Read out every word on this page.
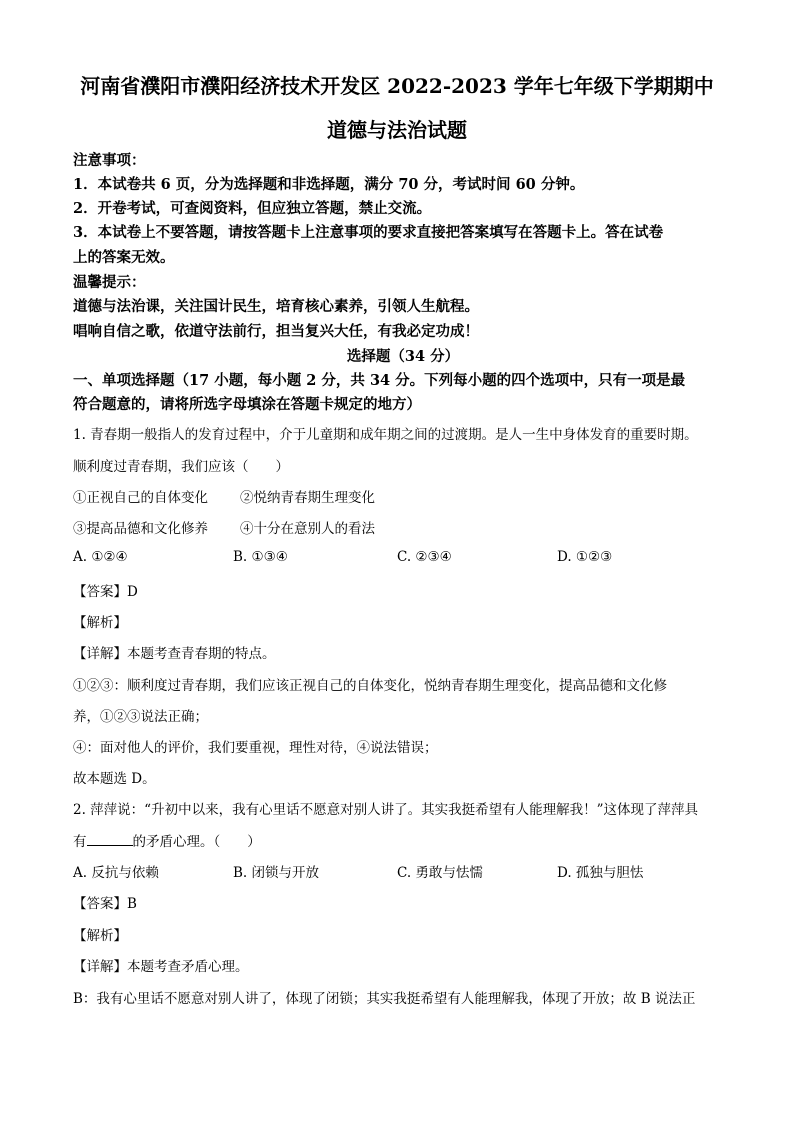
河南省濮阳市濮阳经济技术开发区 2022-2023 学年七年级下学期期中
道德与法治试题
注意事项：
1．本试卷共 6 页，分为选择题和非选择题，满分 70 分，考试时间 60 分钟。
2．开卷考试，可查阅资料，但应独立答题，禁止交流。
3．本试卷上不要答题，请按答题卡上注意事项的要求直接把答案填写在答题卡上。答在试卷
上的答案无效。
温馨提示：
道德与法治课，关注国计民生，培育核心素养，引领人生航程。
唱响自信之歌，依道守法前行，担当复兴大任，有我必定功成！
选择题（34 分）
一、单项选择题（17 小题，每小题 2 分，共 34 分。下列每小题的四个选项中，只有一项是最
符合题意的，请将所选字母填涂在答题卡规定的地方）
1. 青春期一般指人的发育过程中，介于儿童期和成年期之间的过渡期。是人一生中身体发育的重要时期。
顺利度过青春期，我们应该（　　）
①正视自己的自体变化 ②悦纳青春期生理变化
③提高品德和文化修养 ④十分在意别人的看法
A. ①②④	B. ①③④	C. ②③④	D. ①②③
【答案】D
【解析】
【详解】本题考查青春期的特点。
①②③：顺利度过青春期，我们应该正视自己的自体变化，悦纳青春期生理变化，提高品德和文化修
养，①②③说法正确；
④：面对他人的评价，我们要重视，理性对待，④说法错误；
故本题选 D。
2. 萍萍说：“升初中以来，我有心里话不愿意对别人讲了。其实我挺希望有人能理解我！”这体现了萍萍具
有	的矛盾心理。（　　）
A. 反抗与依赖	B. 闭锁与开放	C. 勇敢与怯懦	D. 孤独与胆怯
【答案】B
【解析】
【详解】本题考查矛盾心理。
B：我有心里话不愿意对别人讲了，体现了闭锁；其实我挺希望有人能理解我，体现了开放；故 B 说法正
